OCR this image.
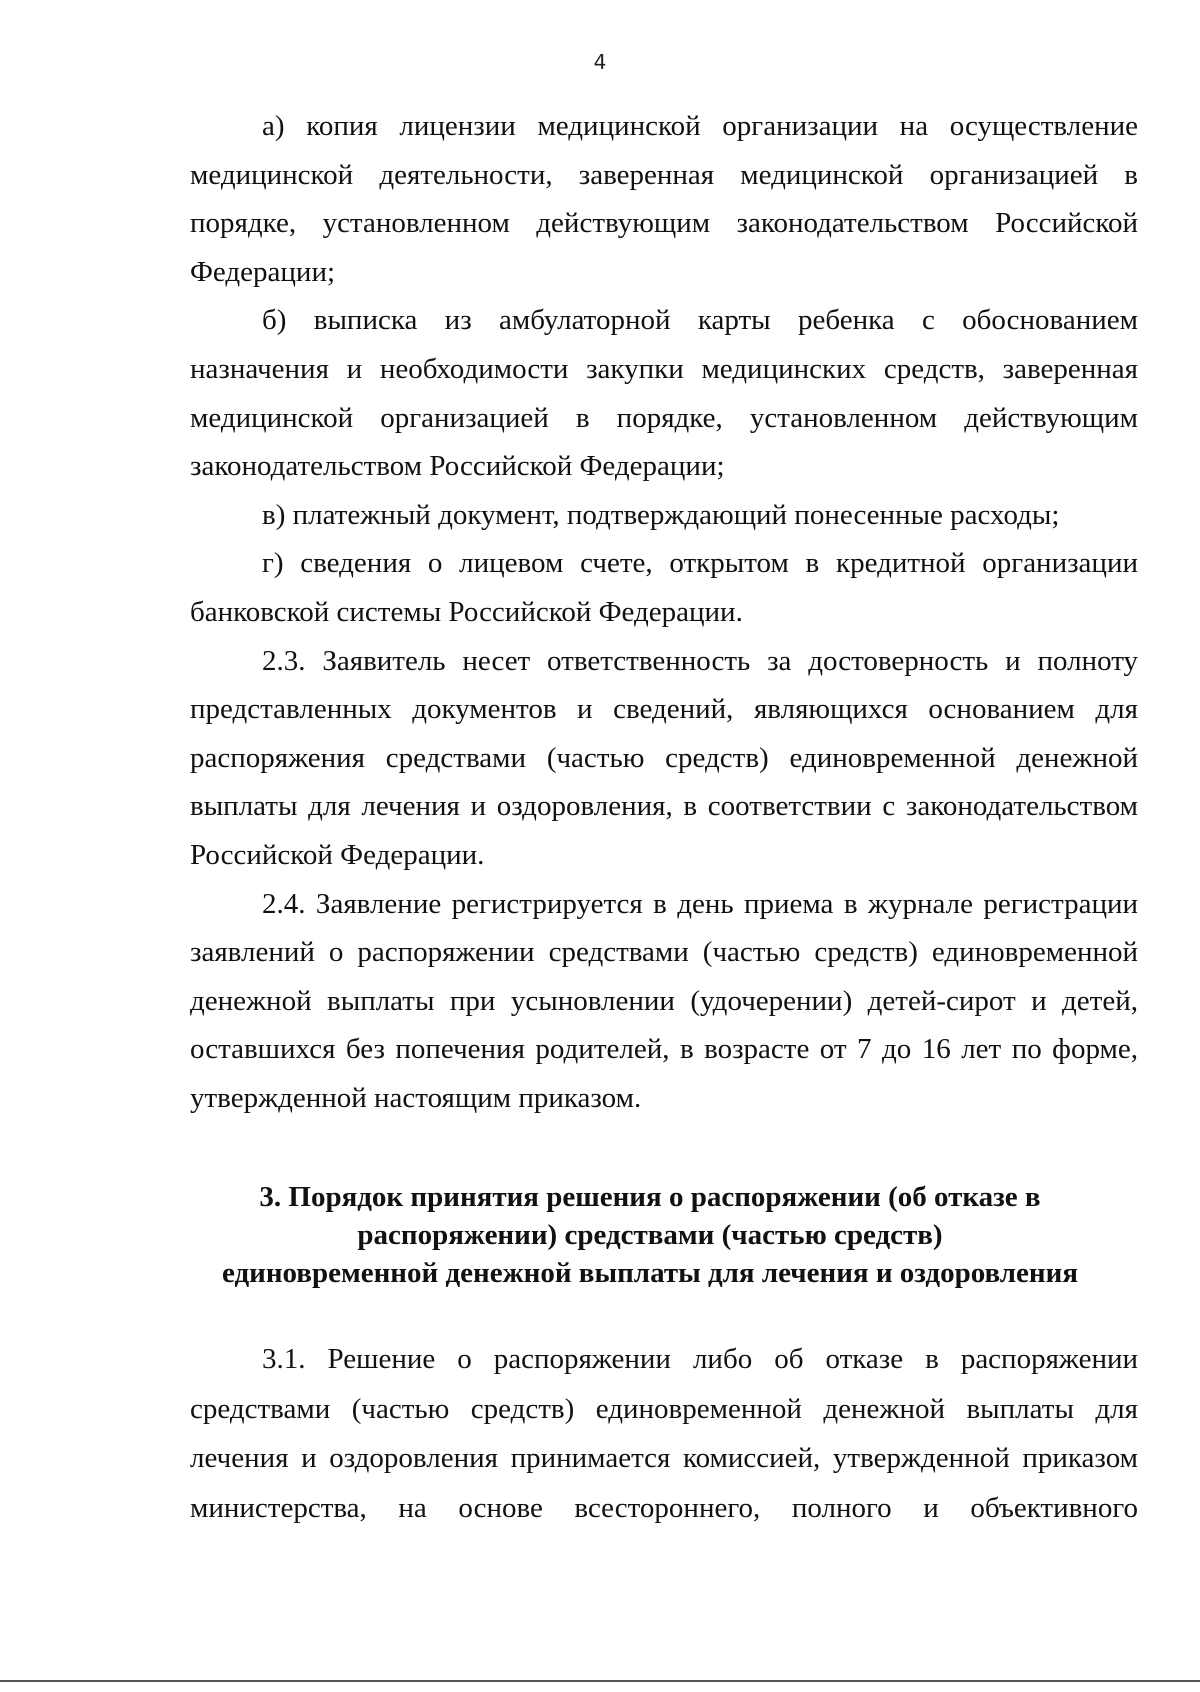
4

а) копия лицензии медицинской организации на осуществление медицинской деятельности, заверенная медицинской организацией в порядке, установленном действующим законодательством Российской Федерации;

б) выписка из амбулаторной карты ребенка с обоснованием назначения и необходимости закупки медицинских средств, заверенная медицинской организацией в порядке, установленном действующим законодательством Российской Федерации;

в) платежный документ, подтверждающий понесенные расходы;

г) сведения о лицевом счете, открытом в кредитной организации банковской системы Российской Федерации.

2.3. Заявитель несет ответственность за достоверность и полноту представленных документов и сведений, являющихся основанием для распоряжения средствами (частью средств) единовременной денежной выплаты для лечения и оздоровления, в соответствии с законодательством Российской Федерации.

2.4. Заявление регистрируется в день приема в журнале регистрации заявлений о распоряжении средствами (частью средств) единовременной денежной выплаты при усыновлении (удочерении) детей-сирот и детей, оставшихся без попечения родителей, в возрасте от 7 до 16 лет по форме, утвержденной настоящим приказом.

3. Порядок принятия решения о распоряжении (об отказе в
распоряжении) средствами (частью средств)
единовременной денежной выплаты для лечения и оздоровления

3.1. Решение о распоряжении либо об отказе в распоряжении средствами (частью средств) единовременной денежной выплаты для лечения и оздоровления принимается комиссией, утвержденной приказом министерства, на основе всестороннего, полного и объективного
